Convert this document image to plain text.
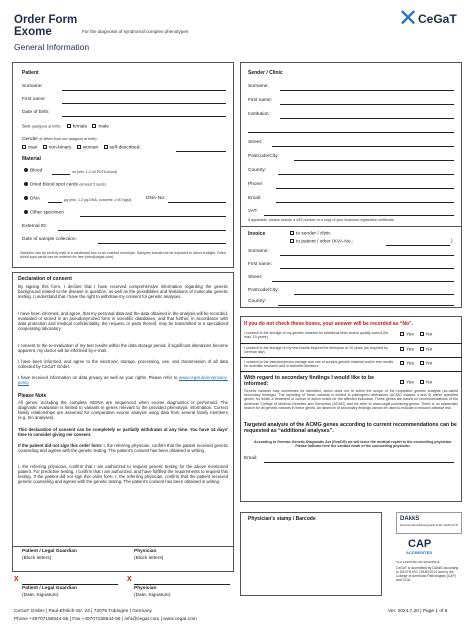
Order Form
Exome	For the diagnosis of syndromal complex phenotypes
General Information
✕ CeGaT
Patient
Surname:
First name:
Date of birth:
Sex (assigned at birth): female male
Gender (if differs from sex assigned at birth):
man non-binary woman self-described:
Material
Blood	ml (min. 1-2 ml EDTA-blood)
Dried blood spot cards (at least 5 spots)
DNA	µg (min. 1-2 µg DNA, concentr. ≥ 50 ng/µl)	DNA-No.:
Other specimen
External ID:
Date of sample collection:
Samples can be sent by mail in a cardboard box or air cushion envelope. Samples should not be exposed to direct sunlight. Dried blood spot cards can be ordered for free (info@cegat.com).
Sender / Clinic
Surname:
First name:
Institution:
Street:
Postcode/City:
Country:
Phone:
Email:
VAT:
If applicable, please include a VAT number or a copy of your business registration certificate.
Invoice	to sender / clinic
to patient / other (KVA-No.:	)
Surname:
First name:
Street:
Postcode/City:
Country:
Declaration of consent
By signing this form, I declare that I have received comprehensive information regarding the genetic background related to the disease in question, as well as the possibilities and limitations of molecular genetic testing. I understand that I have the right to withdraw my consent for genetic analyses.
I have been informed, and agree, that my personal data and the data obtained in the analysis will be recorded, evaluated or stored in an pseudonymized form in scientific databases, and that further, in accordance with data protection and medical confidentiality, the request, or parts thereof, may be transmitted to a specialized cooperating laboratory.
I consent to the re-evaluation of my test results within the data storage period, if significant alterations become apparent, my doctor will be informed by e-mail.
I have been informed, and agree to the electronic storage, processing, use, and transmission of all data collected by CeGaT GmbH.
I have received information on data privacy as well as your rights. Please refer to www.cegat.de/en/privacy-policy
Please Note
All genes, including the complete mtDNA are sequenced when exome diagnostics is performed. The diagnostic evaluation is limited to variants in genes relevant to the provided phenotypic information. Correct family relationships are assumed for comparative exome analysis using data from several family members (e.g. trio analyses).
This declaration of consent can be completely or partially withdrawn at any time. You have 14 days' time to consider giving me consent.
If the patient did not sign this order form: I, the referring physician, confirm that the patient received genetic counseling and agrees with the genetic testing. The patient's consent has been obtained in writing.
I, the referring physician, confirm that I am authorized to request genetic testing for the above mentioned patient. For predictive testing, I confirm that I am authorized, and have fulfilled the requirements to request this testing. If the patient did not sign this order form: I, the referring physician, confirm that the patient received genetic counseling and agrees with the genetic testing. The patient's consent has been obtained in writing.
Patient / Legal Guardian
(Block letters)
Physician
(Block letters)
X
Patient / Legal Guardian
(Date, Signature)
X
Physician
(Date, Signature)
If you do not check these boxes, your answer will be recorded as “No”.
I consent to the storage of my genetic material for additional tests and/or quality control (for max. 10 years).	Yes	No
I consent to the storage of my test results beyond the timespan of 10 years (as required by German law).	Yes	No
I consent to the pseudonymous storage and use of surplus genetic material and/or test results for scientific research and in scientific literature.	Yes	No
With regard to secondary findings I would like to be informed:	Yes	No
Genetic variants may sometimes be identified, which does not fit within the scope of the requested genetic analysis (so-called secondary findings). The reporting of these variants is limited to pathogenic alterations (ACMG classes 4 and 5) within specified genes, for which a treatment or course of action exists for the affected individual. These genes are based on recommendations of the American College of Medical Genetics and Genomics (ACMG) and we refer to www.cegat.com/acmg-genes. There is no systematic search for all genetic variants in these genes. An absence of secondary findings cannot be used to indicate a reduced disease risk.
Targeted analysis of the ACMG genes according to current recommendations can be requested as “additional analyses”.
According to German Genetic Diagnostic Act (GenDG) we will issue the medical report to the counselling physician. Please indicate here the contact email of the counselling physician.
Email:
Physician's stamp / Barcode	DAkkS
Deutsche Akkreditierungsstelle D-ML-13206-01-00
CAP
ACCREDITED
CLIA CERTIFIED ID# 99D2093316
CeGaT is accredited by DAkkS according to DIN EN ISO 15189:2014 and by the College of American Pathologists (CAP) and CLIA.
CeGaT GmbH | Paul-Ehrlich-Str. 23 | 72076 Tübingen | Germany
Phone +49707156544-55 | Fax +49707156544-56 | info@cegat.com | www.cegat.com
Ver. 2024.7.20 | Page 1 of 8
